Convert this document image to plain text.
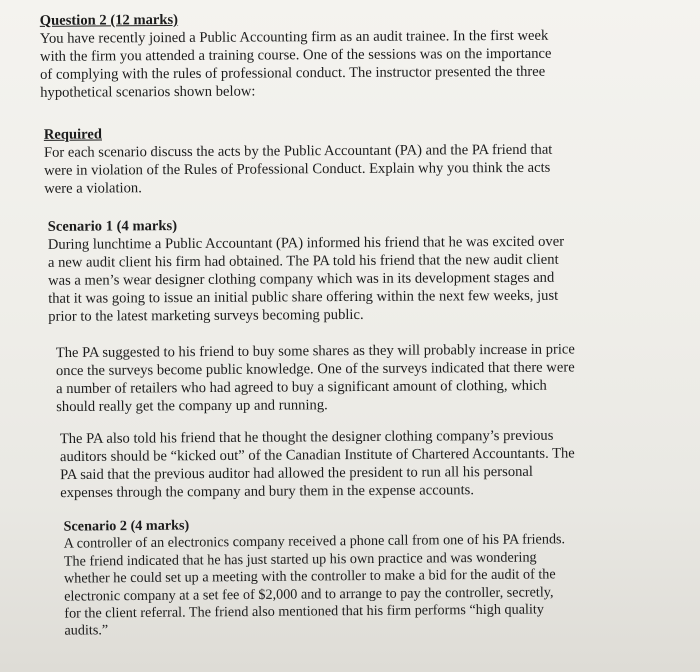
Question 2 (12 marks)
You have recently joined a Public Accounting firm as an audit trainee. In the first week
with the firm you attended a training course. One of the sessions was on the importance
of complying with the rules of professional conduct. The instructor presented the three
hypothetical scenarios shown below:
Required
For each scenario discuss the acts by the Public Accountant (PA) and the PA friend that
were in violation of the Rules of Professional Conduct. Explain why you think the acts
were a violation.
Scenario 1 (4 marks)
During lunchtime a Public Accountant (PA) informed his friend that he was excited over
a new audit client his firm had obtained. The PA told his friend that the new audit client
was a men’s wear designer clothing company which was in its development stages and
that it was going to issue an initial public share offering within the next few weeks, just
prior to the latest marketing surveys becoming public.
The PA suggested to his friend to buy some shares as they will probably increase in price
once the surveys become public knowledge. One of the surveys indicated that there were
a number of retailers who had agreed to buy a significant amount of clothing, which
should really get the company up and running.
The PA also told his friend that he thought the designer clothing company’s previous
auditors should be “kicked out” of the Canadian Institute of Chartered Accountants. The
PA said that the previous auditor had allowed the president to run all his personal
expenses through the company and bury them in the expense accounts.
Scenario 2 (4 marks)
A controller of an electronics company received a phone call from one of his PA friends.
The friend indicated that he has just started up his own practice and was wondering
whether he could set up a meeting with the controller to make a bid for the audit of the
electronic company at a set fee of $2,000 and to arrange to pay the controller, secretly,
for the client referral. The friend also mentioned that his firm performs “high quality
audits.”
